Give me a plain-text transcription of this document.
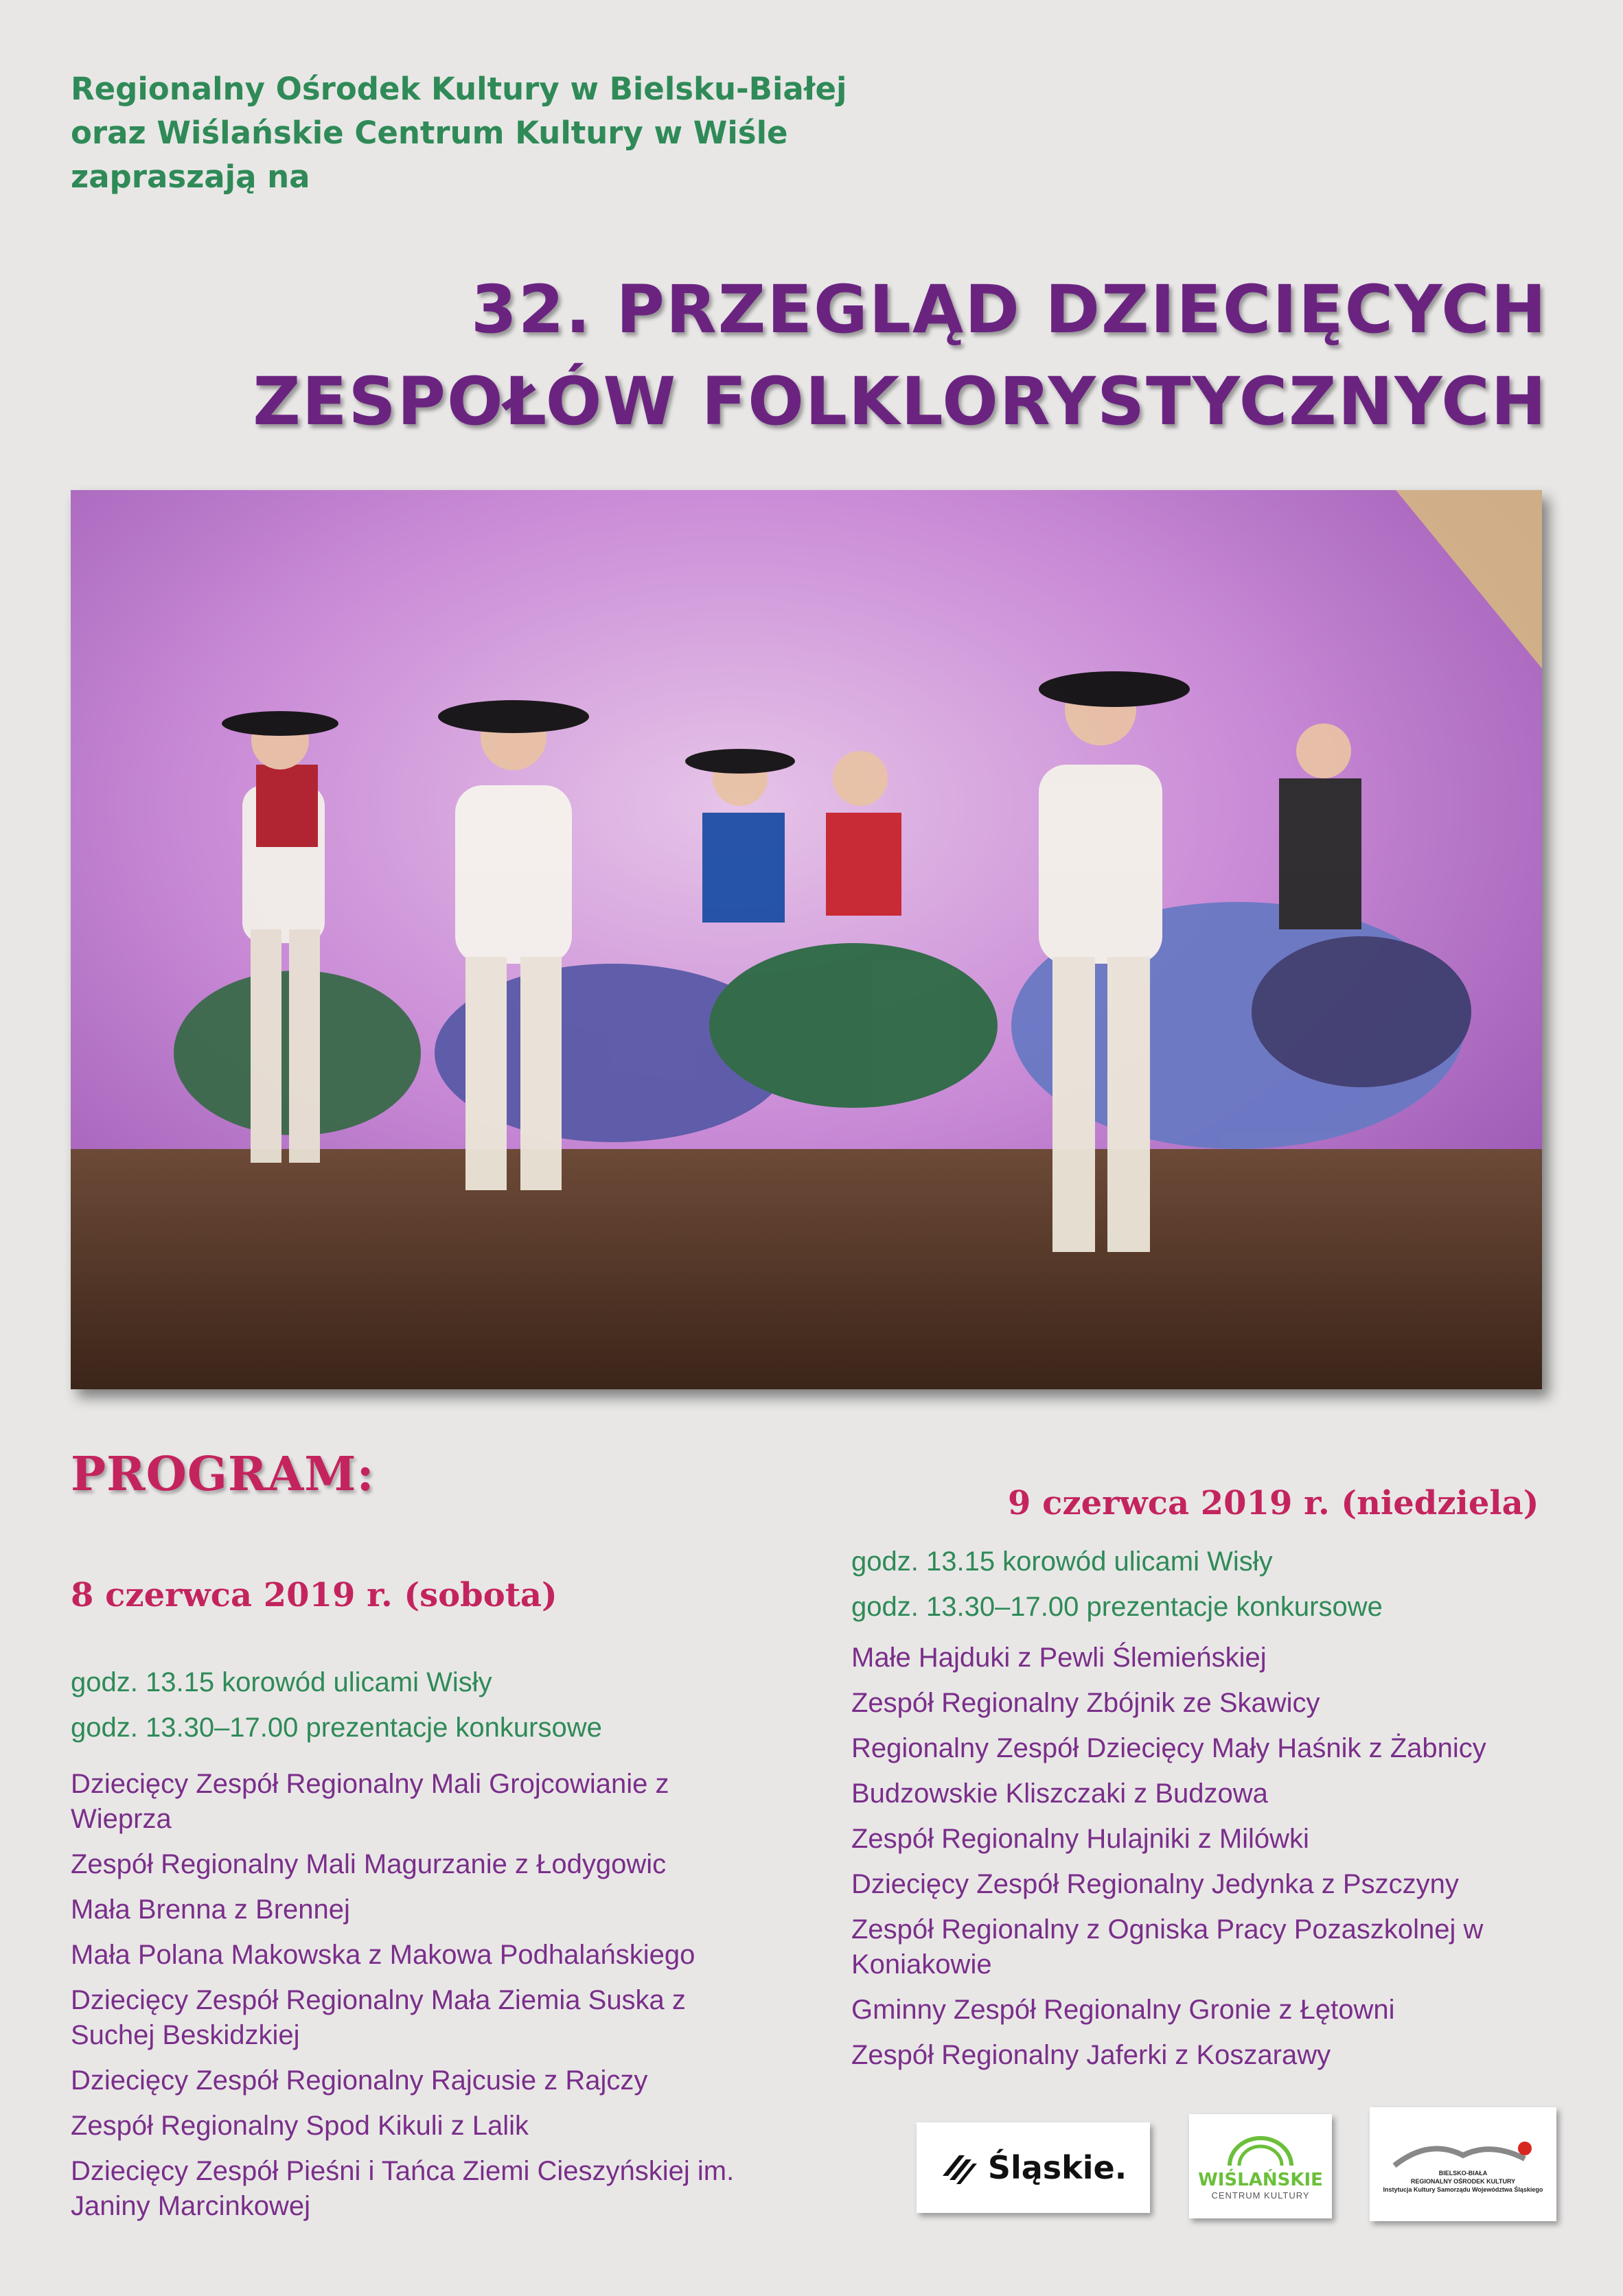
Regionalny Ośrodek Kultury w Bielsku-Białej
oraz Wiślańskie Centrum Kultury w Wiśle
zapraszają na
32. PRZEGLĄD DZIECIĘCYCH
ZESPOŁÓW FOLKLORYSTYCZNYCH
PROGRAM:
8 czerwca 2019 r. (sobota)
9 czerwca 2019 r. (niedziela)
godz. 13.15 korowód ulicami Wisły
godz. 13.30–17.00 prezentacje konkursowe
Dziecięcy Zespół Regionalny Mali Grojcowianie z Wieprza
Zespół Regionalny Mali Magurzanie z Łodygowic
Mała Brenna z Brennej
Mała Polana Makowska z Makowa Podhalańskiego
Dziecięcy Zespół Regionalny Mała Ziemia Suska z Suchej Beskidzkiej
Dziecięcy Zespół Regionalny Rajcusie z Rajczy
Zespół Regionalny Spod Kikuli z Lalik
Dziecięcy Zespół Pieśni i Tańca Ziemi Cieszyńskiej im. Janiny Marcinkowej
godz. 13.15 korowód ulicami Wisły
godz. 13.30–17.00 prezentacje konkursowe
Małe Hajduki z Pewli Ślemieńskiej
Zespół Regionalny Zbójnik ze Skawicy
Regionalny Zespół Dziecięcy Mały Haśnik z Żabnicy
Budzowskie Kliszczaki z Budzowa
Zespół Regionalny Hulajniki z Milówki
Dziecięcy Zespół Regionalny Jedynka z Pszczyny
Zespół Regionalny z Ogniska Pracy Pozaszkolnej w Koniakowie
Gminny Zespół Regionalny Gronie z Łętowni
Zespół Regionalny Jaferki z Koszarawy
Śląskie.	WIŚLAŃSKIE
CENTRUM KULTURY
BIELSKO-BIAŁA
REGIONALNY OŚRODEK KULTURY
Instytucja Kultury Samorządu Województwa Śląskiego
